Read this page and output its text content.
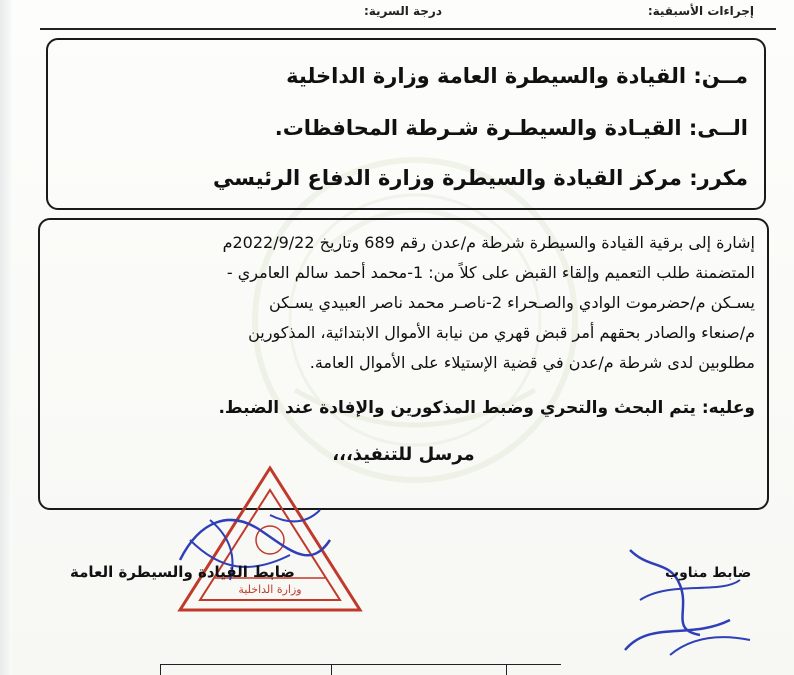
إجراءات الأسبقية:
درجة السرية:
مــن: القيادة والسيطرة العامة وزارة الداخلية
الــى: القيـادة والسيطـرة شـرطة المحافظات.
مكرر: مركز القيادة والسيطرة وزارة الدفاع الرئيسي
إشارة إلى برقية القيادة والسيطرة شرطة م/عدن رقم 689 وتاريخ 2022/9/22م
المتضمنة طلب التعميم وإلقاء القبض على كلاً من: 1-محمد أحمد سالم العامري -
يسـكن م/حضرموت الوادي والصـحراء 2-ناصـر محمد ناصر العبيدي يسـكن
م/صنعاء والصادر بحقهم أمر قبض قهري من نيابة الأموال الابتدائية، المذكورين
مطلوبين لدى شرطة م/عدن في قضية الإستيلاء على الأموال العامة.
وعليه: يتم البحث والتحري وضبط المذكورين والإفادة عند الضبط.
مرسل للتنفيذ،،،
وزارة الداخلية
ضابط القيادة والسيطرة العامة	ضابط مناوب
